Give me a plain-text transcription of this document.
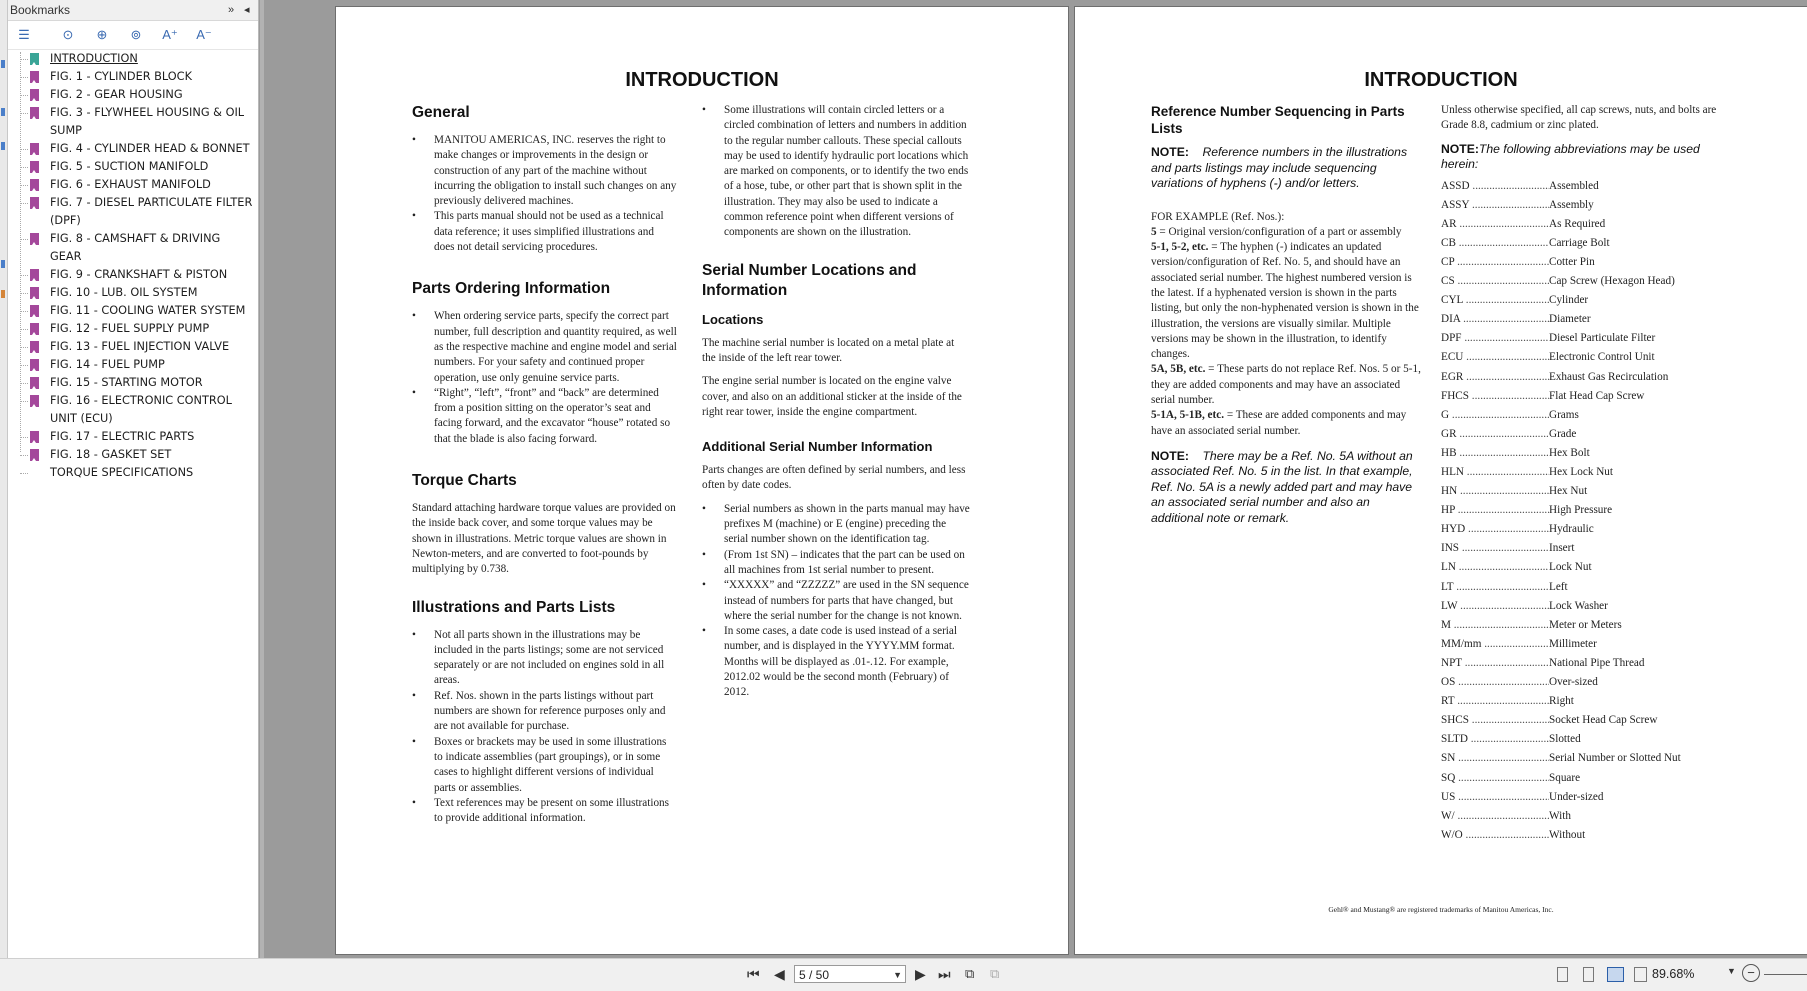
Bookmarks	» ◂
☰	⊙	⊕	⊚	A⁺ A⁻
INTRODUCTION
FIG. 1 - CYLINDER BLOCK
FIG. 2 - GEAR HOUSING
FIG. 3 - FLYWHEEL HOUSING & OIL SUMP
FIG. 4 - CYLINDER HEAD & BONNET
FIG. 5 - SUCTION MANIFOLD
FIG. 6 - EXHAUST MANIFOLD
FIG. 7 - DIESEL PARTICULATE FILTER (DPF)
FIG. 8 - CAMSHAFT & DRIVING GEAR
FIG. 9 - CRANKSHAFT & PISTON
FIG. 10 - LUB. OIL SYSTEM
FIG. 11 - COOLING WATER SYSTEM
FIG. 12 - FUEL SUPPLY PUMP
FIG. 13 - FUEL INJECTION VALVE
FIG. 14 - FUEL PUMP
FIG. 15 - STARTING MOTOR
FIG. 16 - ELECTRONIC CONTROL UNIT (ECU)
FIG. 17 - ELECTRIC PARTS
FIG. 18 - GASKET SET
TORQUE SPECIFICATIONS
INTRODUCTION
General
• MANITOU AMERICAS, INC. reserves the right to make changes or improvements in the design or construction of any part of the machine without incurring the obligation to install such changes on any previously delivered machines.
• This parts manual should not be used as a technical data reference; it uses simplified illustrations and does not detail servicing procedures.
Parts Ordering Information
• When ordering service parts, specify the correct part number, full description and quantity required, as well as the respective machine and engine model and serial numbers. For your safety and continued proper operation, use only genuine service parts.
• “Right”, “left”, “front” and “back” are determined from a position sitting on the operator’s seat and facing forward, and the excavator “house” rotated so that the blade is also facing forward.
Torque Charts

Standard attaching hardware torque values are provided on the inside back cover, and some torque values may be shown in illustrations. Metric torque values are shown in Newton-meters, and are converted to foot-pounds by multiplying by 0.738.

Illustrations and Parts Lists
• Not all parts shown in the illustrations may be included in the parts listings; some are not serviced separately or are not included on engines sold in all areas.
• Ref. Nos. shown in the parts listings without part numbers are shown for reference purposes only and are not available for purchase.
• Boxes or brackets may be used in some illustrations to indicate assemblies (part groupings), or in some cases to highlight different versions of individual parts or assemblies.
• Text references may be present on some illustrations to provide additional information.
• Some illustrations will contain circled letters or a circled combination of letters and numbers in addition to the regular number callouts. These special callouts may be used to identify hydraulic port locations which are marked on components, or to identify the two ends of a hose, tube, or other part that is shown split in the illustration. They may also be used to indicate a common reference point when different versions of components are shown on the illustration.
Serial Number Locations and Information
Locations

The machine serial number is located on a metal plate at the inside of the left rear tower.

The engine serial number is located on the engine valve cover, and also on an additional sticker at the inside of the right rear tower, inside the engine compartment.

Additional Serial Number Information

Parts changes are often defined by serial numbers, and less often by date codes.

• Serial numbers as shown in the parts manual may have prefixes M (machine) or E (engine) preceding the serial number shown on the identification tag.
• (From 1st SN) – indicates that the part can be used on all machines from 1st serial number to present.
• “XXXXX” and “ZZZZZ” are used in the SN sequence instead of numbers for parts that have changed, but where the serial number for the change is not known.
• In some cases, a date code is used instead of a serial number, and is displayed in the YYYY.MM format. Months will be displayed as .01-.12. For example, 2012.02 would be the second month (February) of 2012.
INTRODUCTION
Reference Number Sequencing in Parts Lists

NOTE: Reference numbers in the illustrations and parts listings may include sequencing variations of hyphens (-) and/or letters.

FOR EXAMPLE (Ref. Nos.):

5 = Original version/configuration of a part or assembly

5-1, 5-2, etc. = The hyphen (-) indicates an updated version/configuration of Ref. No. 5, and should have an associated serial number. The highest numbered version is the latest. If a hyphenated version is shown in the parts listing, but only the non-hyphenated version is shown in the illustration, the versions are visually similar. Multiple versions may be shown in the illustration, to identify changes.

5A, 5B, etc. = These parts do not replace Ref. Nos. 5 or 5-1, they are added components and may have an associated serial number.

5-1A, 5-1B, etc. = These are added components and may have an associated serial number.

NOTE: There may be a Ref. No. 5A without an associated Ref. No. 5 in the list. In that example, Ref. No. 5A is a newly added part and may have an associated serial number and also an additional note or remark.

Unless otherwise specified, all cap screws, nuts, and bolts are Grade 8.8, cadmium or zinc plated.

NOTE:The following abbreviations may be used herein:

ASSD .....	Assembled
ASSY .....	Assembly
AR .....	As Required
CB .....	Carriage Bolt
CP .....	Cotter Pin
CS .....	Cap Screw (Hexagon Head)
CYL .....	Cylinder
DIA .....	Diameter
DPF .....	Diesel Particulate Filter
ECU .....	Electronic Control Unit
EGR .....	Exhaust Gas Recirculation
FHCS .....	Flat Head Cap Screw
G .....	Grams
GR .....	Grade
HB .....	Hex Bolt
HLN .....	Hex Lock Nut
HN .....	Hex Nut
HP .....	High Pressure
HYD .....	Hydraulic
INS .....	Insert
LN .....	Lock Nut
LT .....	Left
LW .....	Lock Washer
M .....	Meter or Meters
MM/mm .....	Millimeter
NPT .....	National Pipe Thread
OS .....	Over-sized
RT .....	Right
SHCS .....	Socket Head Cap Screw
SLTD .....	Slotted
SN .....	Serial Number or Slotted Nut
SQ .....	Square
US .....	Under-sized
W/ .....	With
W/O .....	Without
Gehl® and Mustang® are registered trademarks of Manitou Americas, Inc.
⏮ ◀	5 / 50	▼ ▶ ⏭ ⧉ ⧉	89.68%	▼ −
